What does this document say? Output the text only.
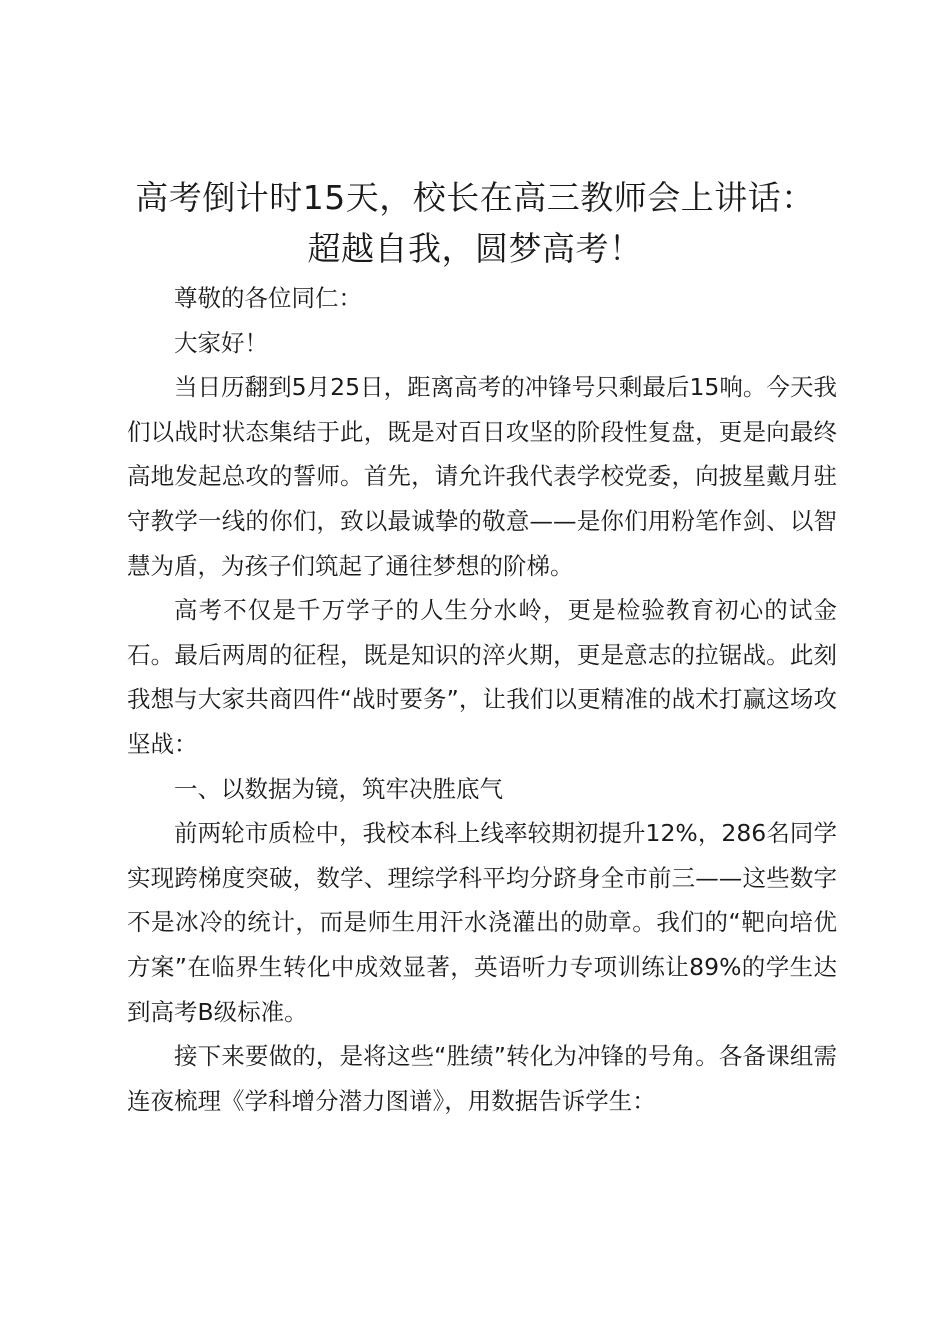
高考倒计时15天，校长在高三教师会上讲话：
超越自我，圆梦高考！

尊敬的各位同仁：

大家好！

当日历翻到5月25日，距离高考的冲锋号只剩最后15响。今天我们以战时状态集结于此，既是对百日攻坚的阶段性复盘，更是向最终高地发起总攻的誓师。首先，请允许我代表学校党委，向披星戴月驻守教学一线的你们，致以最诚挚的敬意——是你们用粉笔作剑、以智慧为盾，为孩子们筑起了通往梦想的阶梯。

高考不仅是千万学子的人生分水岭，更是检验教育初心的试金石。最后两周的征程，既是知识的淬火期，更是意志的拉锯战。此刻我想与大家共商四件“战时要务”，让我们以更精准的战术打赢这场攻坚战：

一、以数据为镜，筑牢决胜底气

前两轮市质检中，我校本科上线率较期初提升12%，286名同学实现跨梯度突破，数学、理综学科平均分跻身全市前三——这些数字不是冰冷的统计，而是师生用汗水浇灌出的勋章。我们的“靶向培优方案”在临界生转化中成效显著，英语听力专项训练让89%的学生达到高考B级标准。

接下来要做的，是将这些“胜绩”转化为冲锋的号角。各备课组需连夜梳理《学科增分潜力图谱》，用数据告诉学生：
